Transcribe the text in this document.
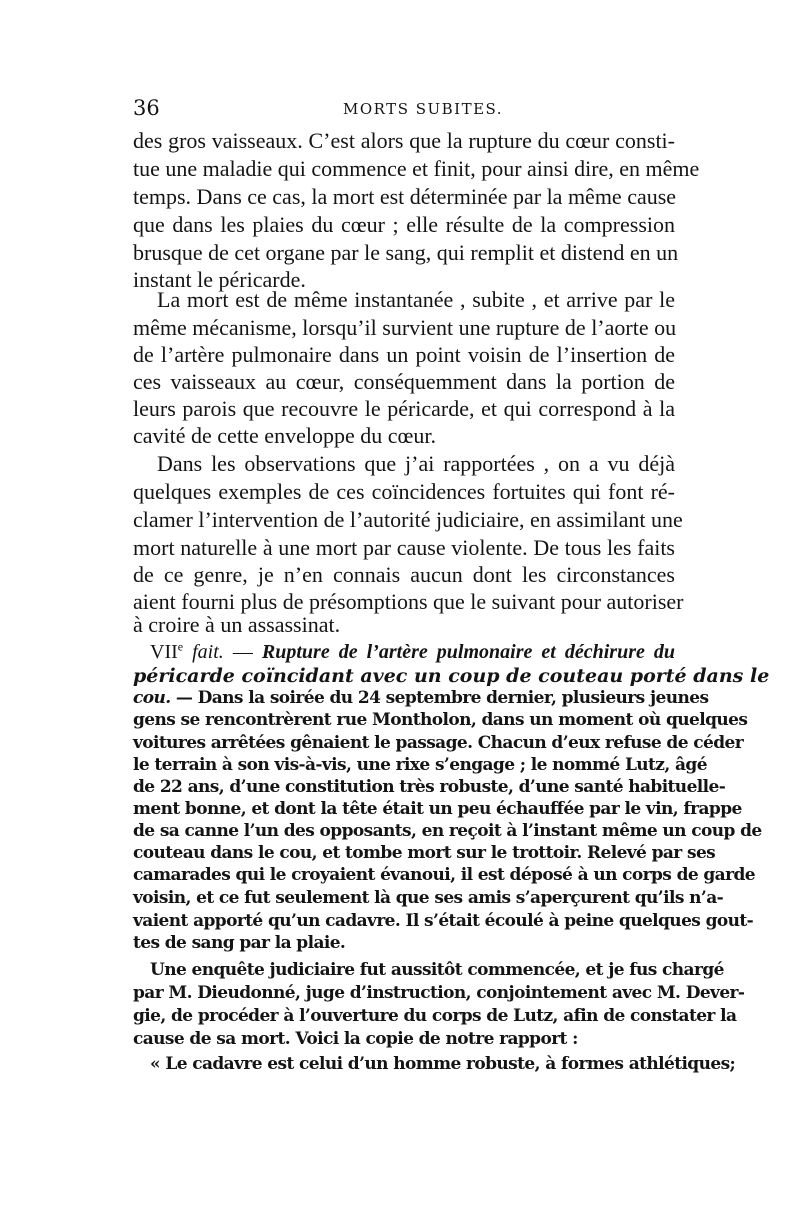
36	MORTS SUBITES.
des gros vaisseaux. C’est alors que la rupture du cœur consti-
tue une maladie qui commence et finit, pour ainsi dire, en même
temps. Dans ce cas, la mort est déterminée par la même cause
que dans les plaies du cœur ; elle résulte de la compression
brusque de cet organe par le sang, qui remplit et distend en un
instant le péricarde.
La mort est de même instantanée , subite , et arrive par le
même mécanisme, lorsqu’il survient une rupture de l’aorte ou
de l’artère pulmonaire dans un point voisin de l’insertion de
ces vaisseaux au cœur, conséquemment dans la portion de
leurs parois que recouvre le péricarde, et qui correspond à la
cavité de cette enveloppe du cœur.
Dans les observations que j’ai rapportées , on a vu déjà
quelques exemples de ces coïncidences fortuites qui font ré-
clamer l’intervention de l’autorité judiciaire, en assimilant une
mort naturelle à une mort par cause violente. De tous les faits
de ce genre, je n’en connais aucun dont les circonstances
aient fourni plus de présomptions que le suivant pour autoriser
à croire à un assassinat.
VIIe fait. — Rupture de l’artère pulmonaire et déchirure du
péricarde coïncidant avec un coup de couteau porté dans le
cou. — Dans la soirée du 24 septembre dernier, plusieurs jeunes
gens se rencontrèrent rue Montholon, dans un moment où quelques
voitures arrêtées gênaient le passage. Chacun d’eux refuse de céder
le terrain à son vis-à-vis, une rixe s’engage ; le nommé Lutz, âgé
de 22 ans, d’une constitution très robuste, d’une santé habituelle-
ment bonne, et dont la tête était un peu échauffée par le vin, frappe
de sa canne l’un des opposants, en reçoit à l’instant même un coup de
couteau dans le cou, et tombe mort sur le trottoir. Relevé par ses
camarades qui le croyaient évanoui, il est déposé à un corps de garde
voisin, et ce fut seulement là que ses amis s’aperçurent qu’ils n’a-
vaient apporté qu’un cadavre. Il s’était écoulé à peine quelques gout-
tes de sang par la plaie.
Une enquête judiciaire fut aussitôt commencée, et je fus chargé
par M. Dieudonné, juge d’instruction, conjointement avec M. Dever-
gie, de procéder à l’ouverture du corps de Lutz, afin de constater la
cause de sa mort. Voici la copie de notre rapport :
« Le cadavre est celui d’un homme robuste, à formes athlétiques;
